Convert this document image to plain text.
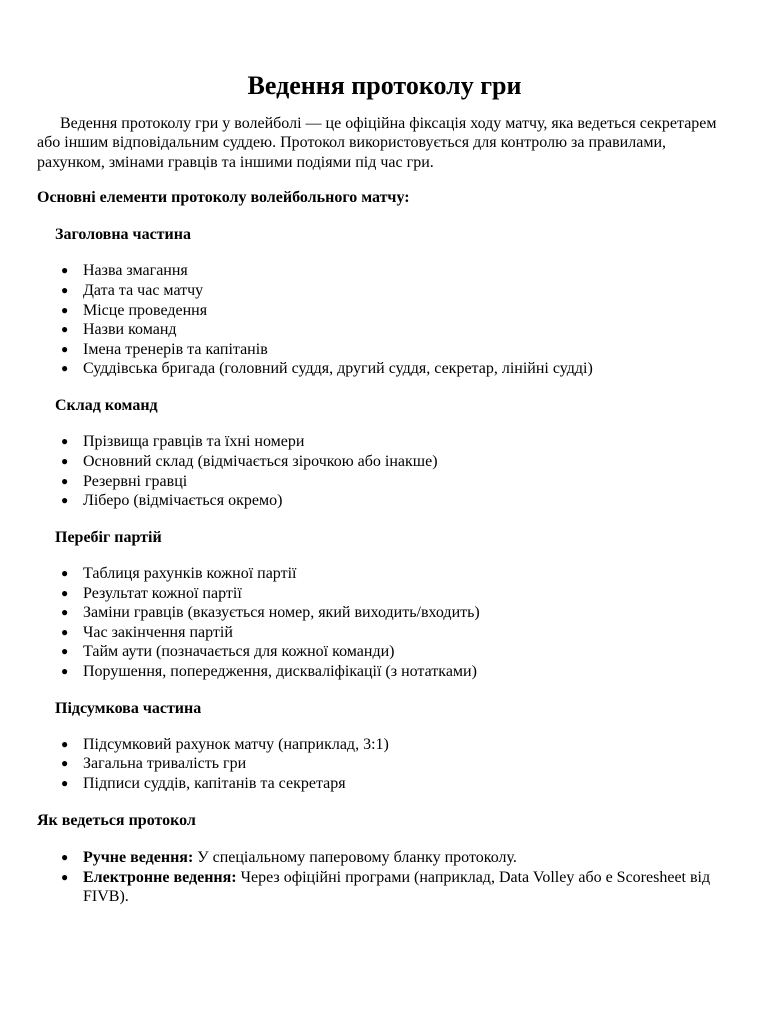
Ведення протоколу гри

Ведення протоколу гри у волейболі — це офіційна фіксація ходу матчу, яка ведеться секретарем або іншим відповідальним суддею. Протокол використовується для контролю за правилами, рахунком, змінами гравців та іншими подіями під час гри.

Основні елементи протоколу волейбольного матчу:
Заголовна частина
● Назва змагання
● Дата та час матчу
● Місце проведення
● Назви команд
● Імена тренерів та капітанів
● Суддівська бригада (головний суддя, другий суддя, секретар, лінійні судді)
Склад команд
● Прізвища гравців та їхні номери
● Основний склад (відмічається зірочкою або інакше)
● Резервні гравці
● Ліберо (відмічається окремо)
Перебіг партій
● Таблиця рахунків кожної партії
● Результат кожної партії
● Заміни гравців (вказується номер, який виходить/входить)
● Час закінчення партій
● Тайм аути (позначається для кожної команди)
● Порушення, попередження, дискваліфікації (з нотатками)
Підсумкова частина
● Підсумковий рахунок матчу (наприклад, 3:1)
● Загальна тривалість гри
● Підписи суддів, капітанів та секретаря
Як ведеться протокол
● Ручне ведення: У спеціальному паперовому бланку протоколу.
● Електронне ведення: Через офіційні програми (наприклад, Data Volley або e Scoresheet від FIVB).
